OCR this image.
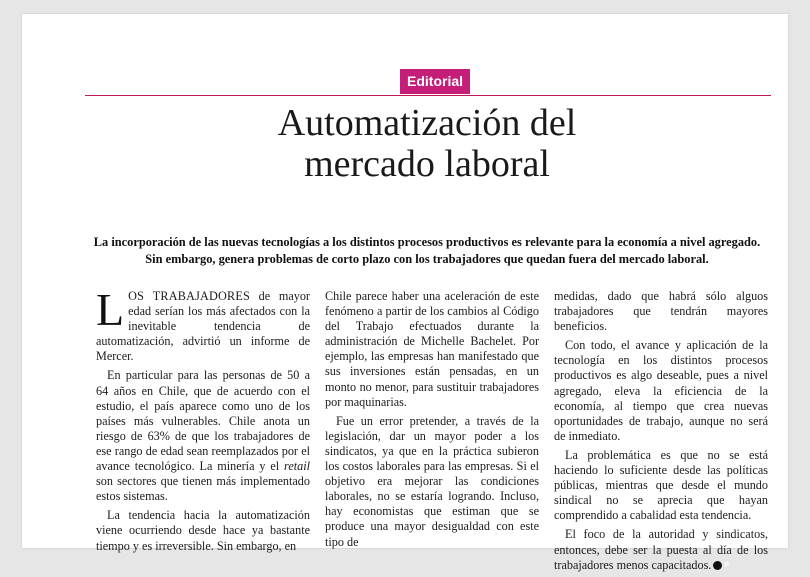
Editorial
Automatización del
mercado laboral

La incorporación de las nuevas tecnologías a los distintos procesos productivos es relevante para la economía a nivel agregado.
Sin embargo, genera problemas de corto plazo con los trabajadores que quedan fuera del mercado laboral.

LOS TRABAJADORES de mayor edad serían los más afectados con la inevitable tendencia de automatización, advirtió un informe de Mercer.

En particular para las personas de 50 a 64 años en Chile, que de acuerdo con el estudio, el país aparece como uno de los países más vulnerables. Chile anota un riesgo de 63% de que los trabajadores de ese rango de edad sean reemplazados por el avance tecnológico. La minería y el retail son sectores que tienen más implementado estos sistemas.

La tendencia hacia la automatización viene ocurriendo desde hace ya bastante tiempo y es irreversible. Sin embargo, en

Chile parece haber una aceleración de este fenómeno a partir de los cambios al Código del Trabajo efectuados durante la administración de Michelle Bachelet. Por ejemplo, las empresas han manifestado que sus inversiones están pensadas, en un monto no menor, para sustituir trabajadores por maquinarias.

Fue un error pretender, a través de la legislación, dar un mayor poder a los sindicatos, ya que en la práctica subieron los costos laborales para las empresas. Si el objetivo era mejorar las condiciones laborales, no se estaría logrando. Incluso, hay economistas que estiman que se produce una mayor desigualdad con este tipo de

medidas, dado que habrá sólo alguos trabajadores que tendrán mayores beneficios.

Con todo, el avance y aplicación de la tecnología en los distintos procesos productivos es algo deseable, pues a nivel agregado, eleva la eficiencia de la economía, al tiempo que crea nuevas oportunidades de trabajo, aunque no será de inmediato.

La problemática es que no se está haciendo lo suficiente desde las políticas públicas, mientras que desde el mundo sindical no se aprecia que hayan comprendido a cabalidad esta tendencia.

El foco de la autoridad y sindicatos, entonces, debe ser la puesta al día de los trabajadores menos capacitados. P
